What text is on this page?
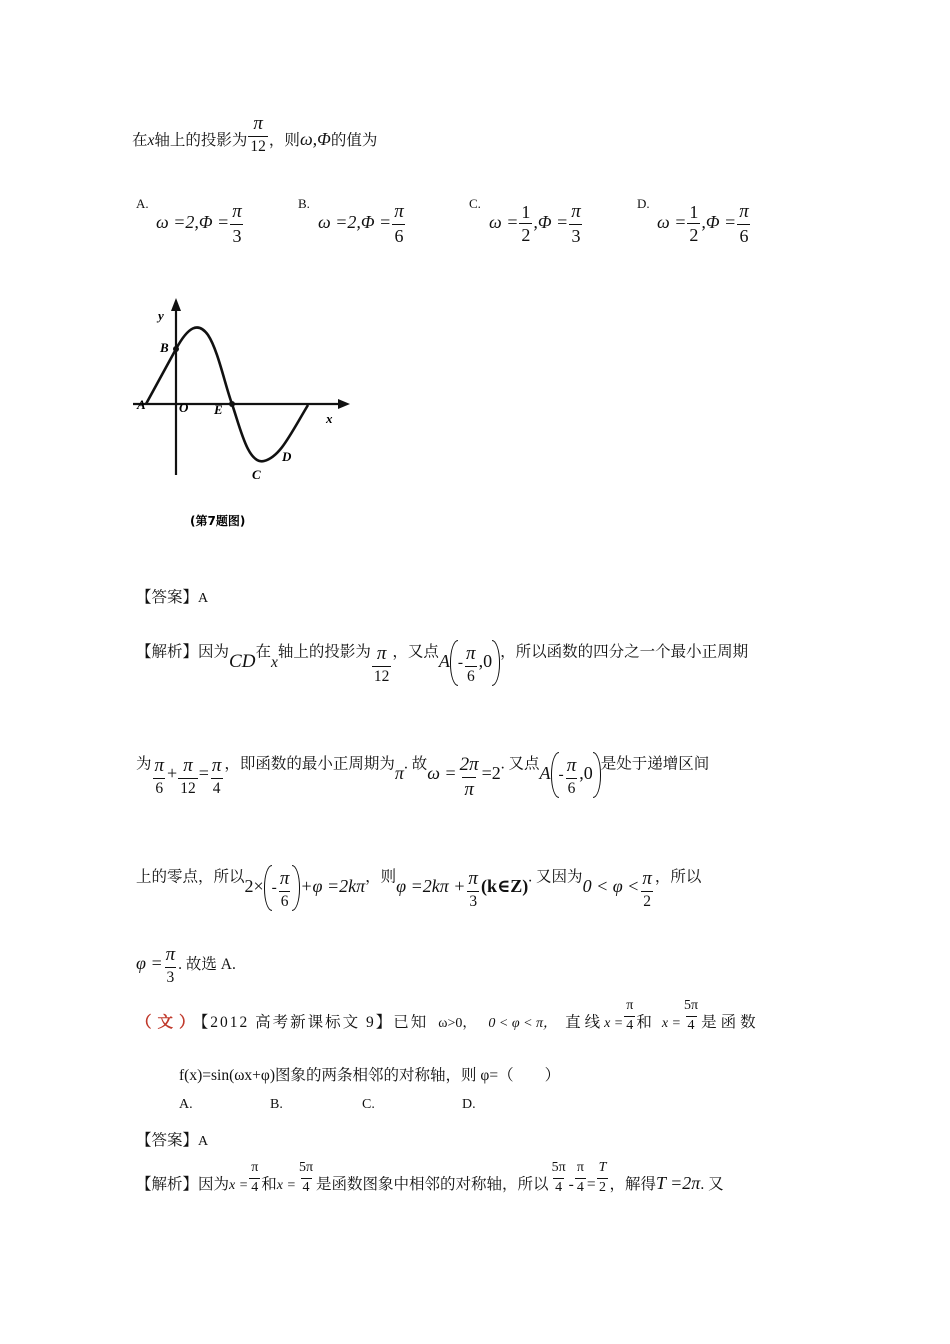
在x轴上的投影为 $\frac{\pi}{12}$ ，则ω,Φ的值为
A.
$\omega =2,\Phi = \frac{\pi}{3}$	B.
$\omega =2,\Phi = \frac{\pi}{6}$	C.
$\omega = \frac{1}{2} ,\Phi = \frac{\pi}{3}$	D.
$\omega = \frac{1}{2} ,\Phi = \frac{\pi}{6}$
y
x
A
B
O E
C
D
(第7题图)
【答案】A
【解析】因为CD在x轴上的投影为 $\frac{\pi}{12}$ ，又点A - $\frac{\pi}{6} ,0$ ，所以函数的四分之一个最小正周期
为 $\frac{\pi}{6} + \frac{\pi}{12} = \frac{\pi}{4}$ ，即函数的最小正周期为π. 故$\omega = \frac{2\pi}{\pi} =2$. 又点A - $\frac{\pi}{6} ,0$ 是处于递增区间
上的零点，所以$2\times - \frac{\pi}{6} +\varphi =2k\pi$，则$\varphi =2k\pi + \frac{\pi}{3}$ (k∈Z). 又因为$0 < \varphi < \frac{\pi}{2}$ ，所以
$\varphi = \frac{\pi}{3}$ . 故选 A.
（文）【2012 高考新课标文 9】已知 ω>0， 0 < φ < π， 直线$x = \frac{\pi}{4}$ 和 $x = \frac{5\pi}{4}$ 是函数
f(x)=sin(ωx+φ)图象的两条相邻的对称轴，则 φ=（　　）
A.	B.	C.	D.
【答案】A
【解析】因为$x = \frac{\pi}{4}$ 和$x = \frac{5\pi}{4}$ 是函数图象中相邻的对称轴，所以 $\frac{5\pi}{4} - \frac{\pi}{4} = \frac{T}{2}$ ，解得T =2π. 又
